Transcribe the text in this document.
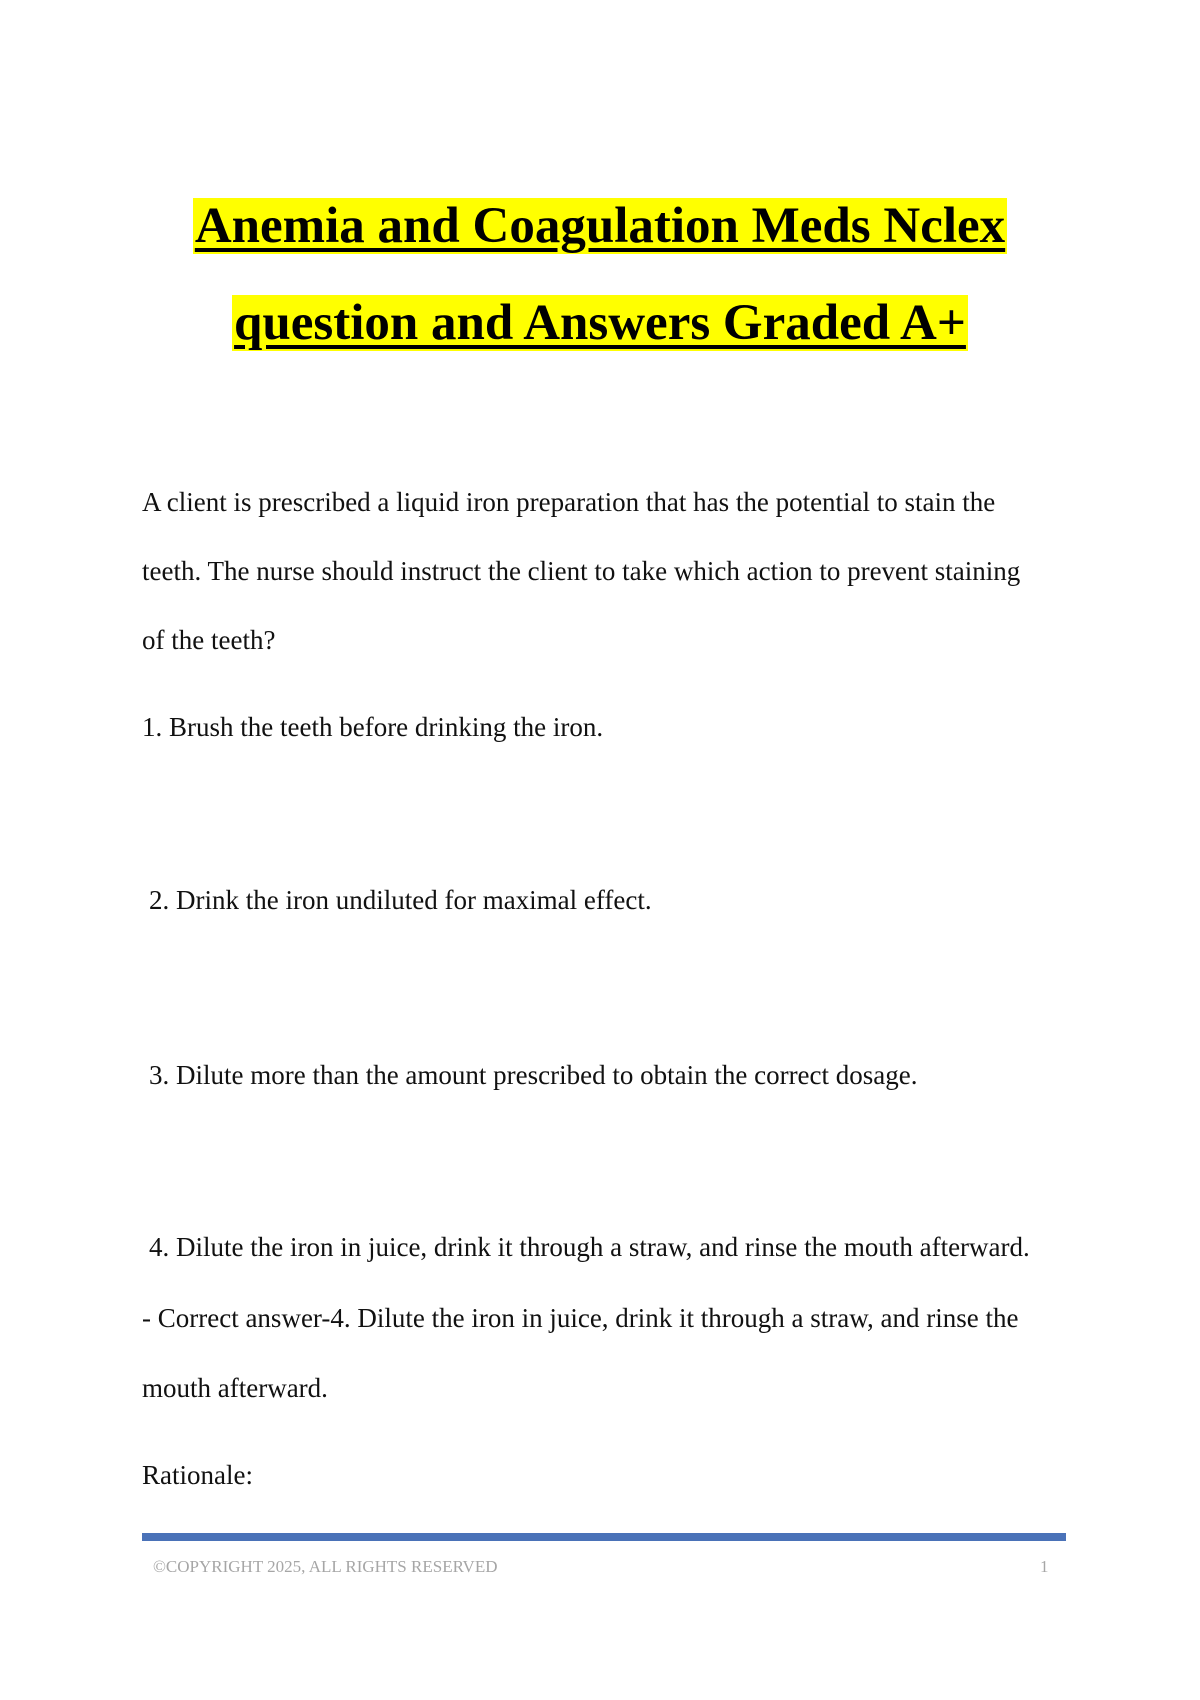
Anemia and Coagulation Meds Nclex
question and Answers Graded A+
A client is prescribed a liquid iron preparation that has the potential to stain the
teeth. The nurse should instruct the client to take which action to prevent staining
of the teeth?
1. Brush the teeth before drinking the iron.
2. Drink the iron undiluted for maximal effect.
3. Dilute more than the amount prescribed to obtain the correct dosage.
4. Dilute the iron in juice, drink it through a straw, and rinse the mouth afterward.
- Correct answer-4. Dilute the iron in juice, drink it through a straw, and rinse the
mouth afterward.
Rationale:
©COPYRIGHT 2025, ALL RIGHTS RESERVED	1
